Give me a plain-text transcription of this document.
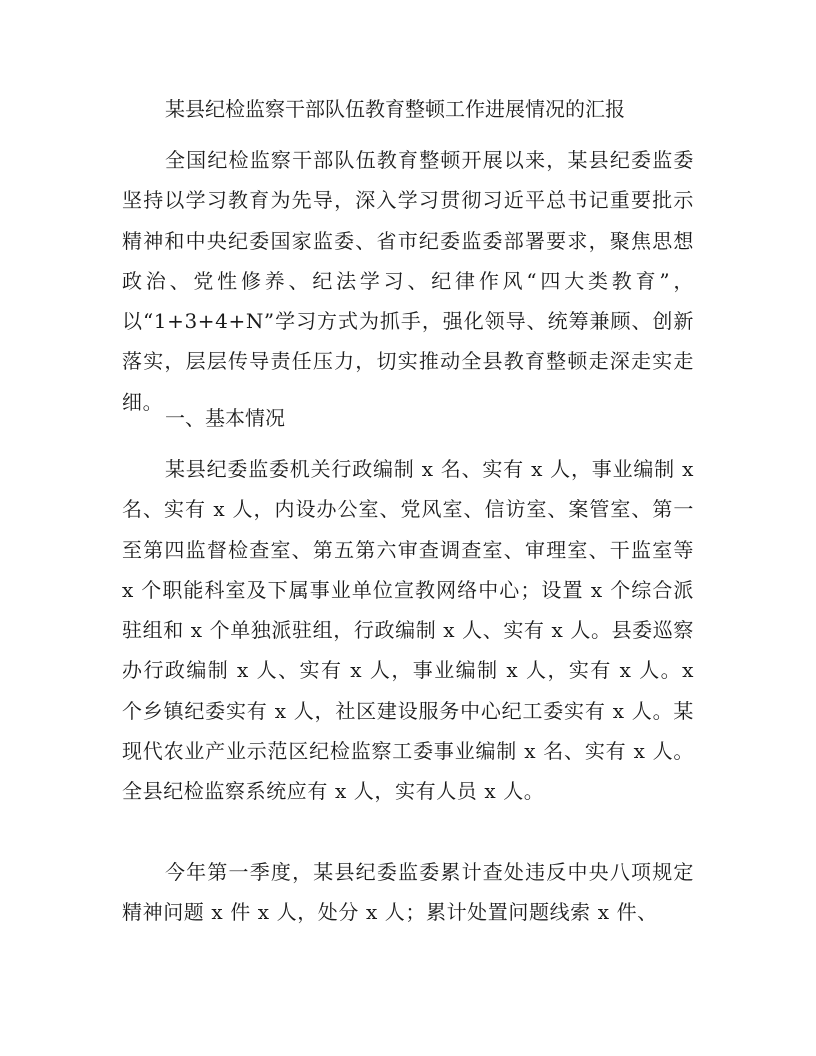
某县纪检监察干部队伍教育整顿工作进展情况的汇报

全国纪检监察干部队伍教育整顿开展以来，某县纪委监委坚持以学习教育为先导，深入学习贯彻习近平总书记重要批示精神和中央纪委国家监委、省市纪委监委部署要求，聚焦思想政治、党性修养、纪法学习、纪律作风“四大类教育”，以“1+3+4+N”学习方式为抓手，强化领导、统筹兼顾、创新落实，层层传导责任压力，切实推动全县教育整顿走深走实走细。

一、基本情况

某县纪委监委机关行政编制 x 名、实有 x 人，事业编制 x 名、实有 x 人，内设办公室、党风室、信访室、案管室、第一至第四监督检查室、第五第六审查调查室、审理室、干监室等 x 个职能科室及下属事业单位宣教网络中心；设置 x 个综合派驻组和 x 个单独派驻组，行政编制 x 人、实有 x 人。县委巡察办行政编制 x 人、实有 x 人，事业编制 x 人，实有 x 人。x 个乡镇纪委实有 x 人，社区建设服务中心纪工委实有 x 人。某现代农业产业示范区纪检监察工委事业编制 x 名、实有 x 人。全县纪检监察系统应有 x 人，实有人员 x 人。

今年第一季度，某县纪委监委累计查处违反中央八项规定精神问题 x 件 x 人，处分 x 人；累计处置问题线索 x 件、
